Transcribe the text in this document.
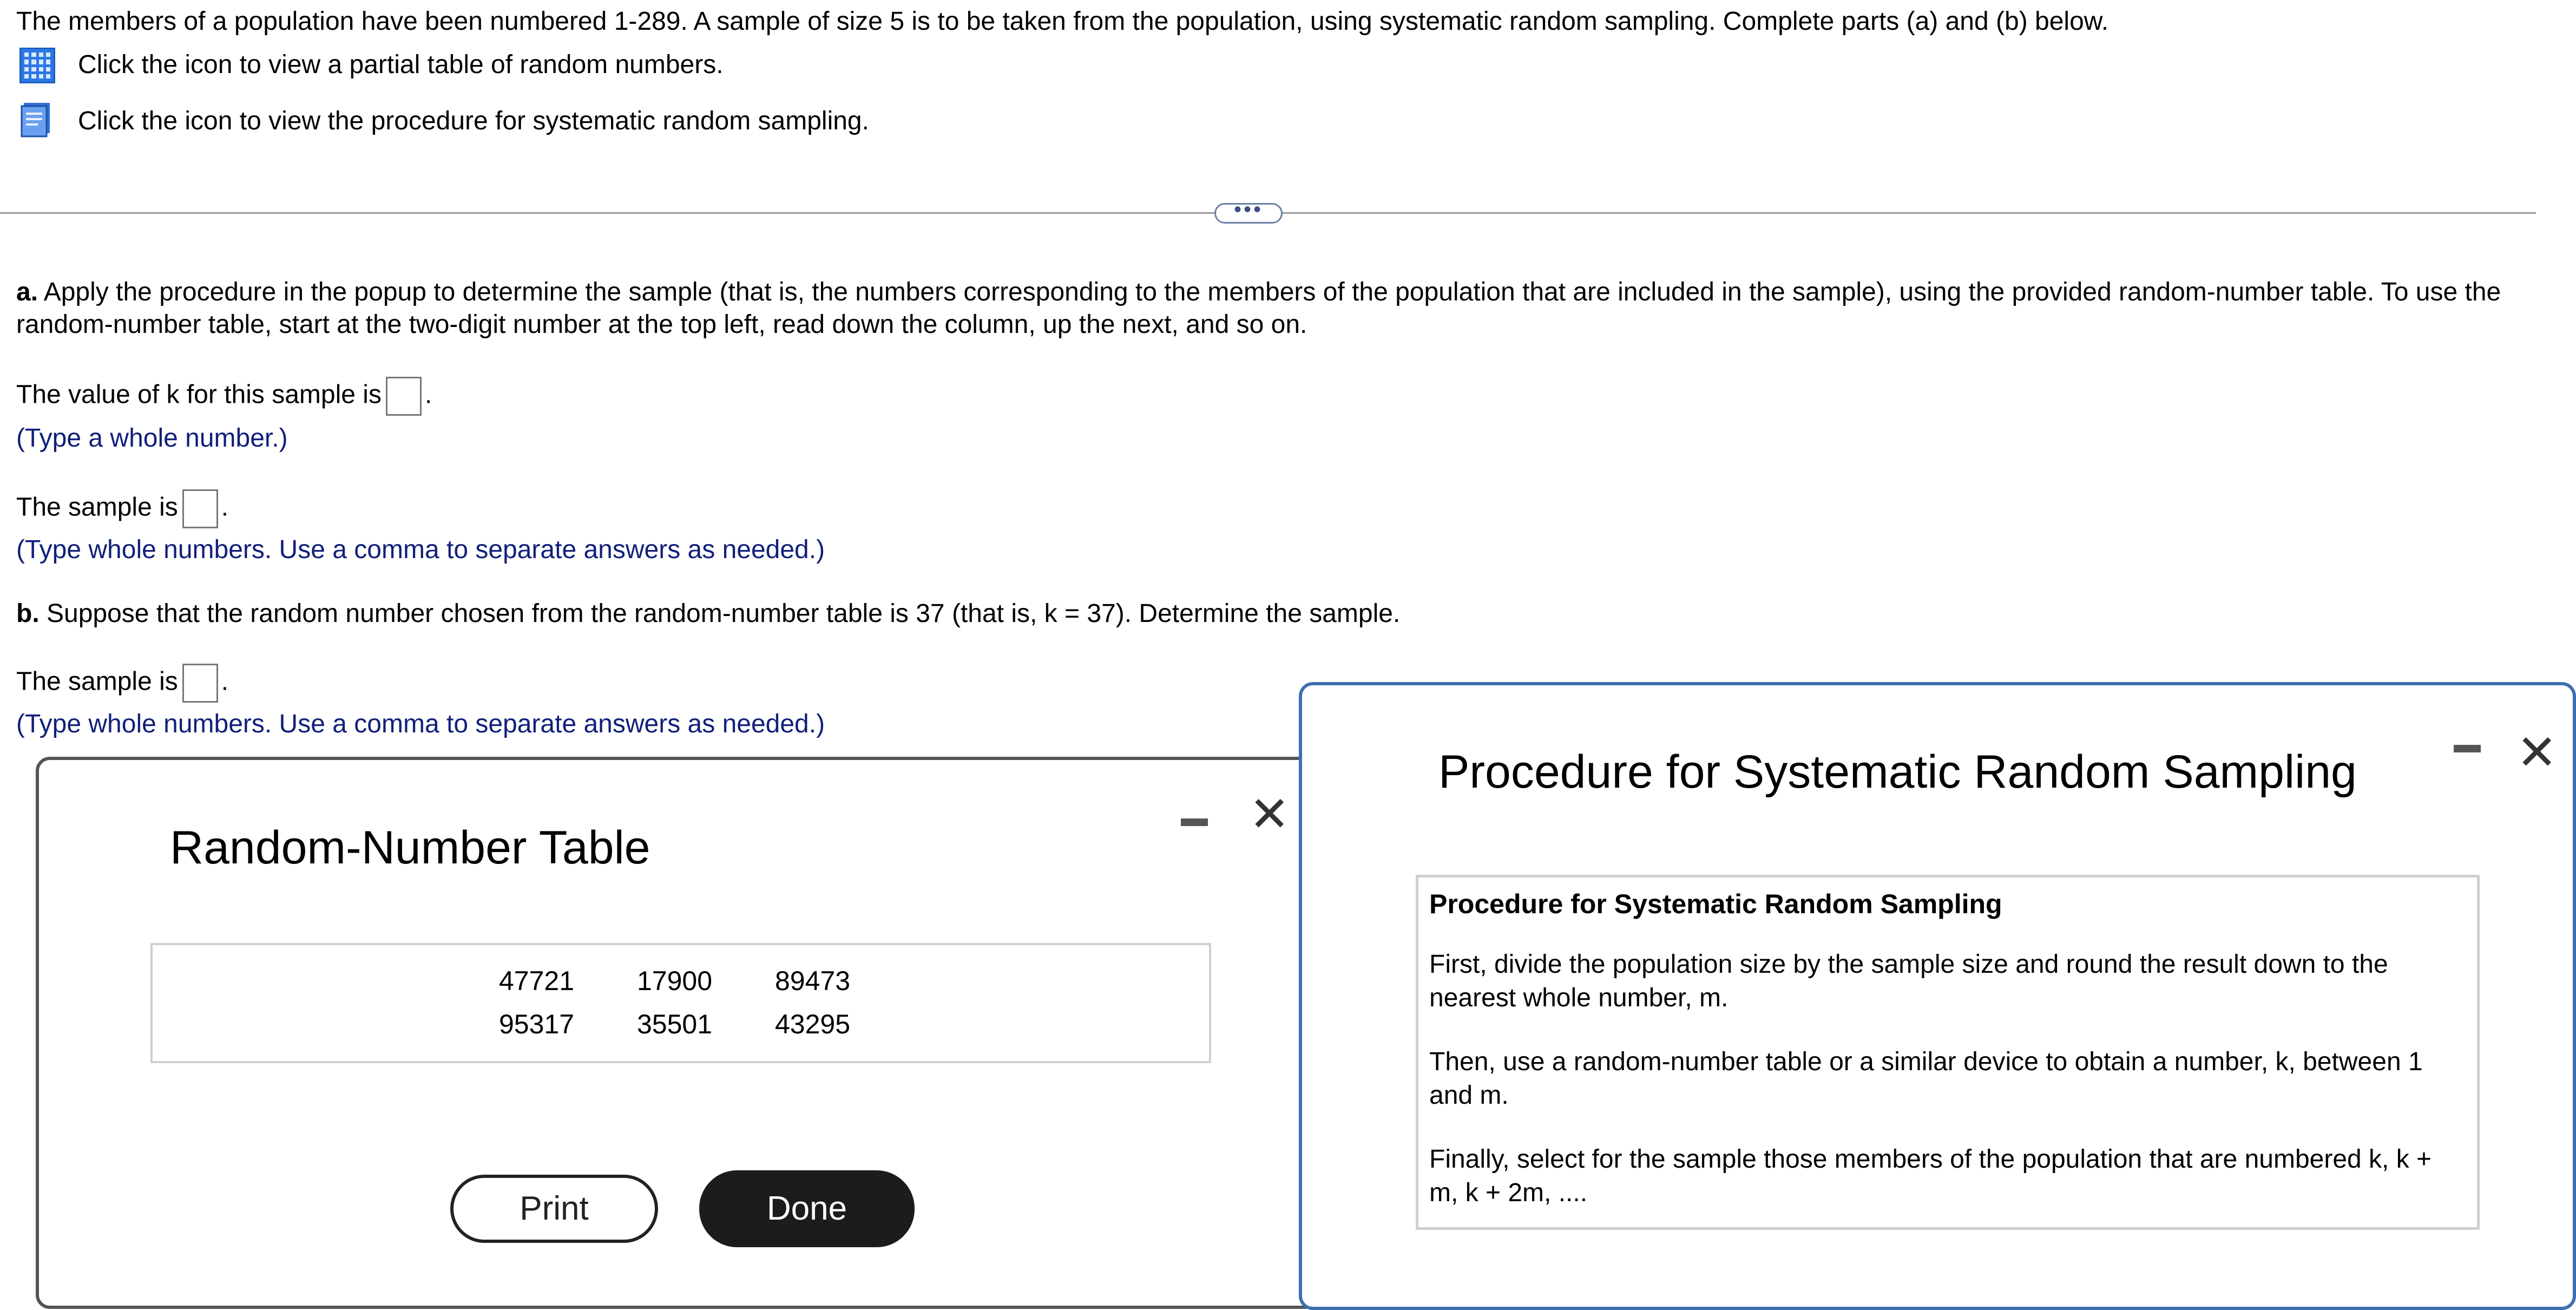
The members of a population have been numbered 1-289. A sample of size 5 is to be taken from the population, using systematic random sampling. Complete parts (a) and (b) below.
Click the icon to view a partial table of random numbers.
Click the icon to view the procedure for systematic random sampling.
•••
a. Apply the procedure in the popup to determine the sample (that is, the numbers corresponding to the members of the population that are included in the sample), using the provided random-number table. To use the random-number table, start at the two-digit number at the top left, read down the column, up the next, and so on.
The value of k for this sample is .
(Type a whole number.)
The sample is .
(Type whole numbers. Use a comma to separate answers as needed.)
b. Suppose that the random number chosen from the random-number table is 37 (that is, k = 37). Determine the sample.
The sample is .
(Type whole numbers. Use a comma to separate answers as needed.)
Random-Number Table
✕
47721	17900	89473
95317	35501	43295
Print	Done
Procedure for Systematic Random Sampling	✕
Procedure for Systematic Random Sampling

First, divide the population size by the sample size and round the result down to the nearest whole number, m.

Then, use a random-number table or a similar device to obtain a number, k, between 1 and m.

Finally, select for the sample those members of the population that are numbered k, k + m, k + 2m, ....
